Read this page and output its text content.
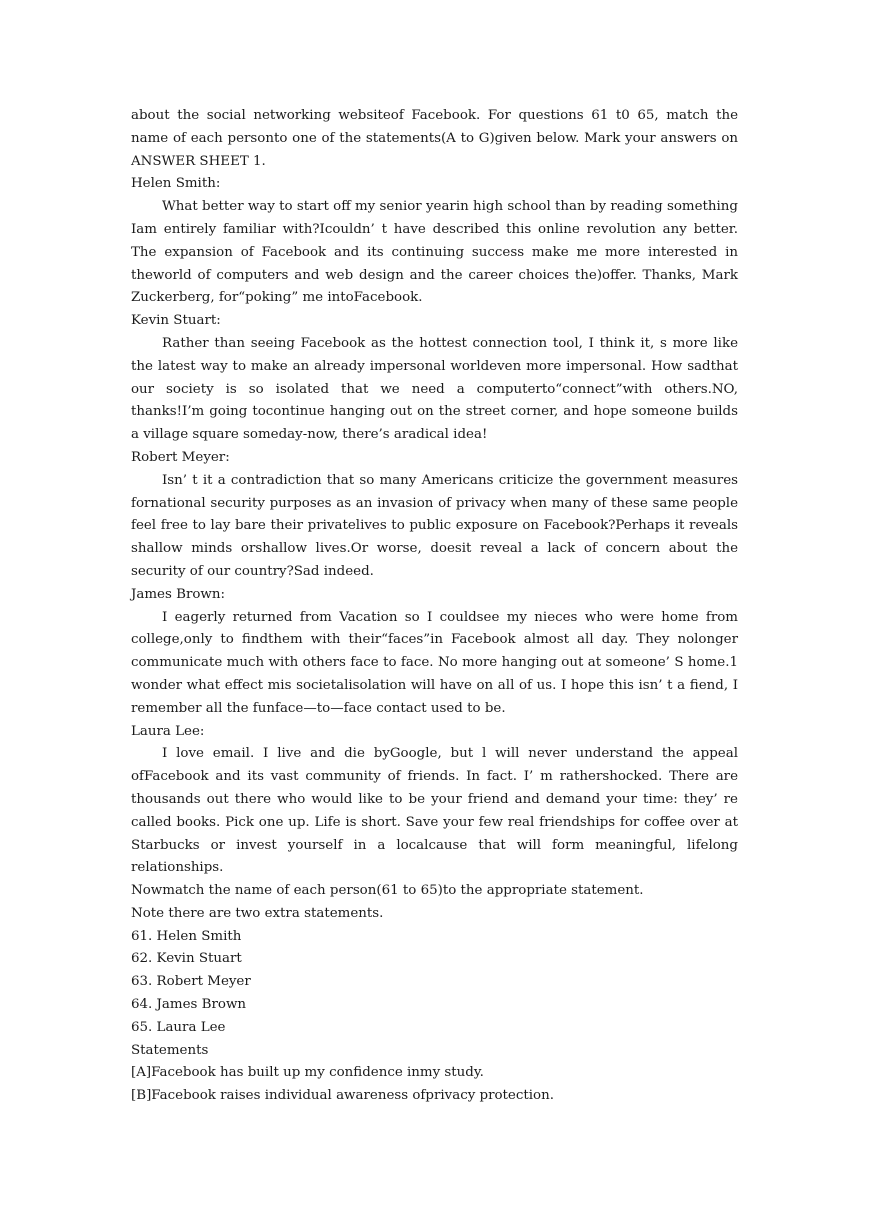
about the social networking websiteof Facebook. For questions 61 t0 65, match the name of each personto one of the statements(A to G)given below. Mark your answers on ANSWER SHEET 1.

Helen Smith:

What better way to start off my senior yearin high school than by reading something Iam entirely familiar with?Icouldn’ t have described this online revolution any better. The expansion of Facebook and its continuing success make me more interested in theworld of computers and web design and the career choices the)offer. Thanks, Mark Zuckerberg, for“poking” me intoFacebook.

Kevin Stuart:

Rather than seeing Facebook as the hottest connection tool, I think it, s more like the latest way to make an already impersonal worldeven more impersonal. How sadthat our society is so isolated that we need a computerto“connect”with others.NO, thanks!I’m going tocontinue hanging out on the street corner, and hope someone builds a village square someday-now, there’s aradical idea!

Robert Meyer:

Isn’ t it a contradiction that so many Americans criticize the government measures fornational security purposes as an invasion of privacy when many of these same people feel free to lay bare their privatelives to public exposure on Facebook?Perhaps it reveals shallow minds orshallow lives.Or worse, doesit reveal a lack of concern about the security of our country?Sad indeed.

James Brown:

I eagerly returned from Vacation so I couldsee my nieces who were home from college,only to findthem with their“faces”in Facebook almost all day. They nolonger communicate much with others face to face. No more hanging out at someone’ S home.1 wonder what effect mis societalisolation will have on all of us. I hope this isn’ t a fiend, I remember all the funface—to—face contact used to be.

Laura Lee:

I love email. I live and die byGoogle, but l will never understand the appeal ofFacebook and its vast community of friends. In fact. I’ m rathershocked. There are thousands out there who would like to be your friend and demand your time: they’ re called books. Pick one up. Life is short. Save your few real friendships for coffee over at Starbucks or invest yourself in a localcause that will form meaningful, lifelong relationships.

Nowmatch the name of each person(61 to 65)to the appropriate statement.

Note there are two extra statements.

61. Helen Smith

62. Kevin Stuart

63. Robert Meyer

64. James Brown

65. Laura Lee

Statements

[A]Facebook has built up my confidence inmy study.

[B]Facebook raises individual awareness ofprivacy protection.
